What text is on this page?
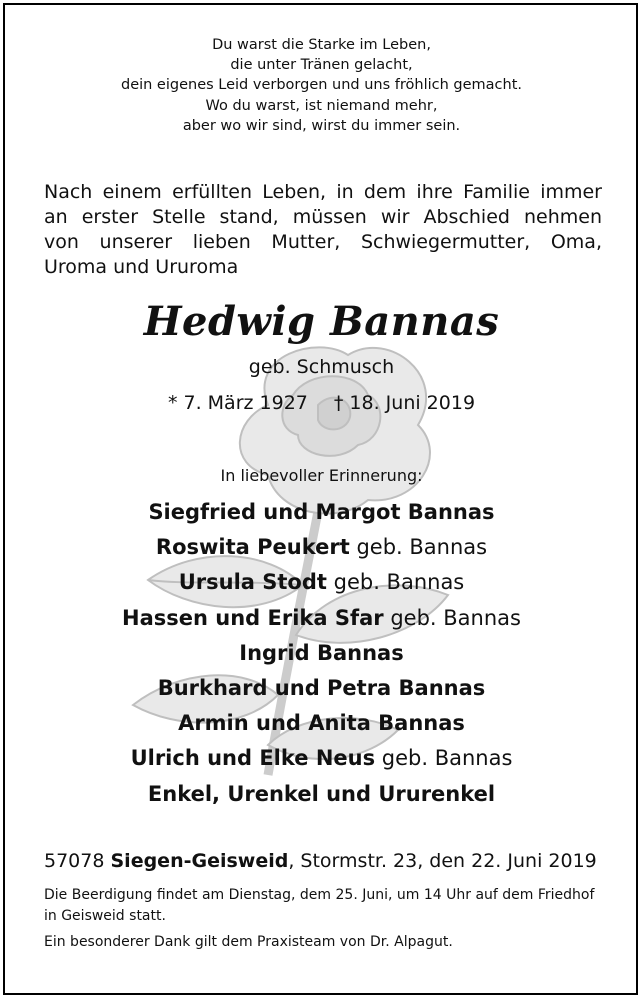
Du warst die Starke im Leben,
die unter Tränen gelacht,
dein eigenes Leid verborgen und uns fröhlich gemacht.
Wo du warst, ist niemand mehr,
aber wo wir sind, wirst du immer sein.
Nach einem erfüllten Leben, in dem ihre Familie immer
an erster Stelle stand, müssen wir Abschied nehmen
von unserer lieben Mutter, Schwiegermutter, Oma,
Uroma und Ururoma
Hedwig Bannas
geb. Schmusch
* 7. März 1927 † 18. Juni 2019
In liebevoller Erinnerung:
Siegfried und Margot Bannas
Roswita Peukert geb. Bannas
Ursula Stodt geb. Bannas
Hassen und Erika Sfar geb. Bannas
Ingrid Bannas
Burkhard und Petra Bannas
Armin und Anita Bannas
Ulrich und Elke Neus geb. Bannas
Enkel, Urenkel und Ururenkel
57078 Siegen-Geisweid, Stormstr. 23, den 22. Juni 2019
Die Beerdigung findet am Dienstag, dem 25. Juni, um 14 Uhr auf dem Friedhof in Geisweid statt.
Ein besonderer Dank gilt dem Praxisteam von Dr. Alpagut.
